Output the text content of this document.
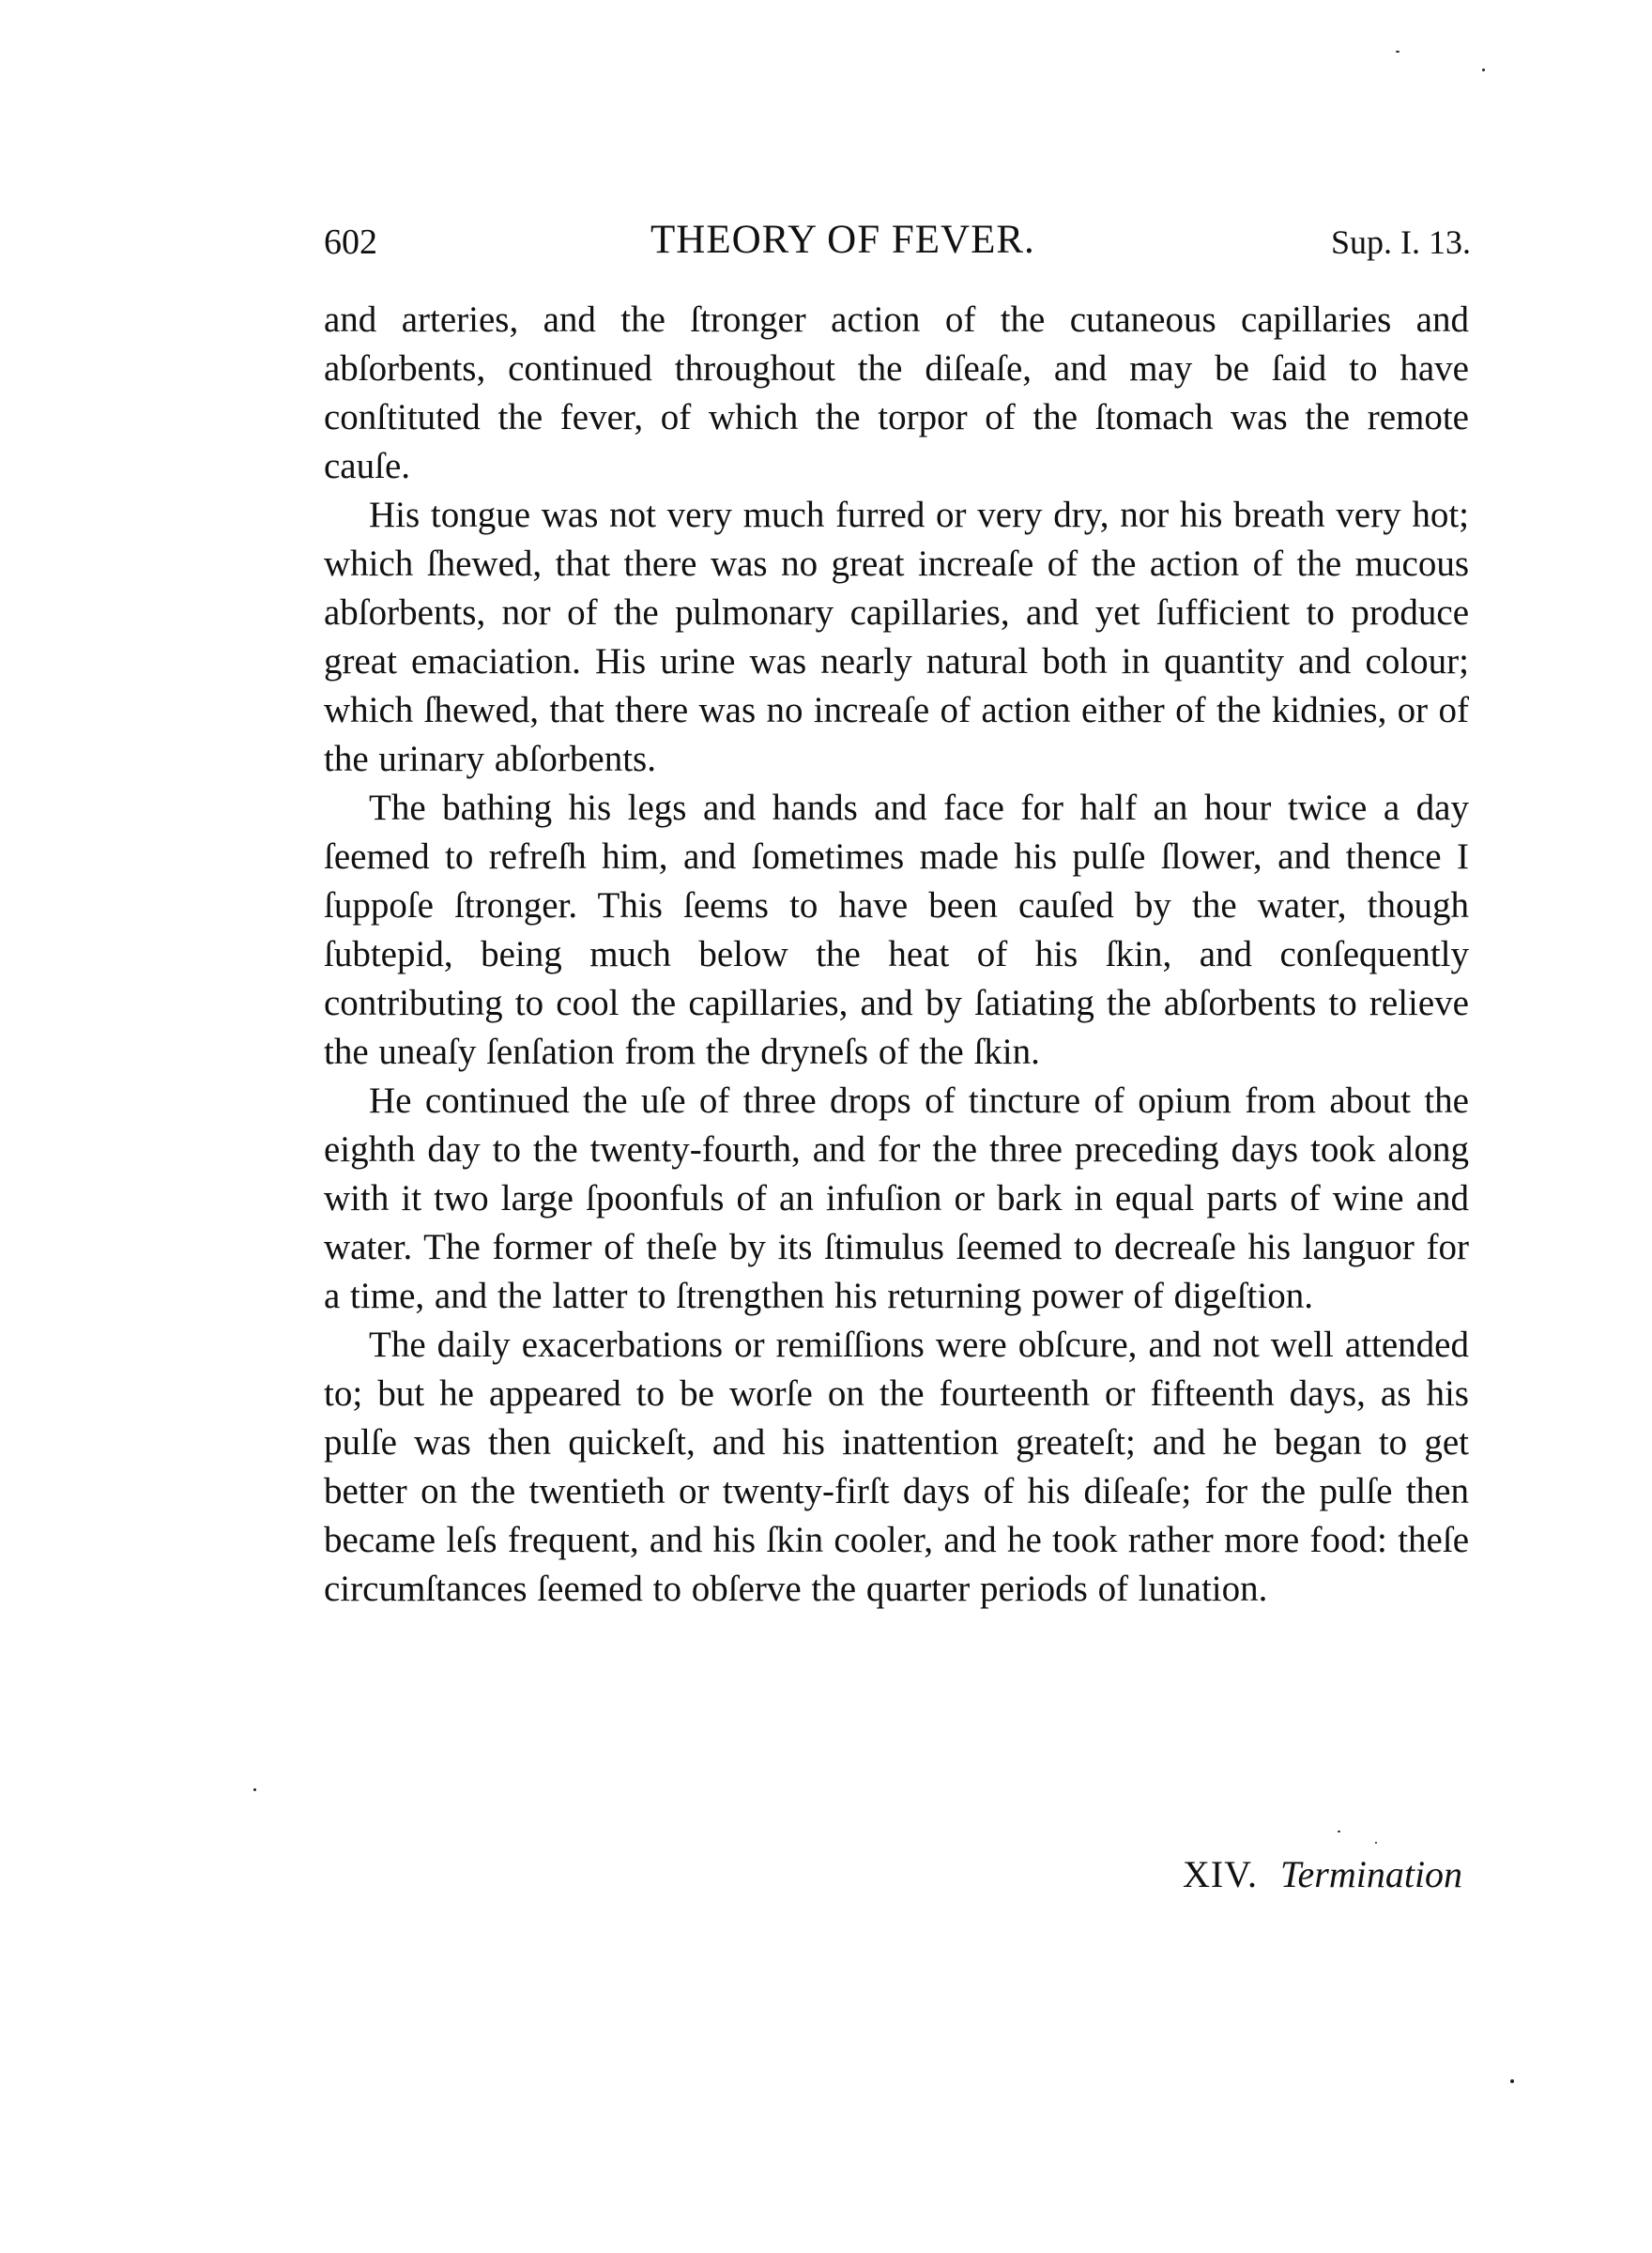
602	THEORY OF FEVER.	Sup. I. 13.

and arteries, and the ſtronger action of the cutaneous capillaries and abſorbents, continued throughout the diſeaſe, and may be ſaid to have conſtituted the fever, of which the torpor of the ſtomach was the remote cauſe.

His tongue was not very much furred or very dry, nor his breath very hot; which ſhewed, that there was no great increaſe of the action of the mucous abſorbents, nor of the pulmonary capillaries, and yet ſufficient to produce great emaciation. His urine was nearly natural both in quantity and colour; which ſhewed, that there was no increaſe of action either of the kidnies, or of the urinary abſorbents.

The bathing his legs and hands and face for half an hour twice a day ſeemed to refreſh him, and ſometimes made his pulſe ſlower, and thence I ſuppoſe ſtronger. This ſeems to have been cauſed by the water, though ſubtepid, being much below the heat of his ſkin, and conſequently contributing to cool the capillaries, and by ſatiating the abſorbents to relieve the uneaſy ſenſation from the dryneſs of the ſkin.

He continued the uſe of three drops of tincture of opium from about the eighth day to the twenty-fourth, and for the three preceding days took along with it two large ſpoonfuls of an infuſion or bark in equal parts of wine and water. The former of theſe by its ſtimulus ſeemed to decreaſe his languor for a time, and the latter to ſtrengthen his returning power of digeſtion.

The daily exacerbations or remiſſions were obſcure, and not well attended to; but he appeared to be worſe on the fourteenth or fifteenth days, as his pulſe was then quickeſt, and his inattention greateſt; and he began to get better on the twentieth or twenty-firſt days of his diſeaſe; for the pulſe then became leſs frequent, and his ſkin cooler, and he took rather more food: theſe circumſtances ſeemed to obſerve the quarter periods of lunation.

XIV. Termination
